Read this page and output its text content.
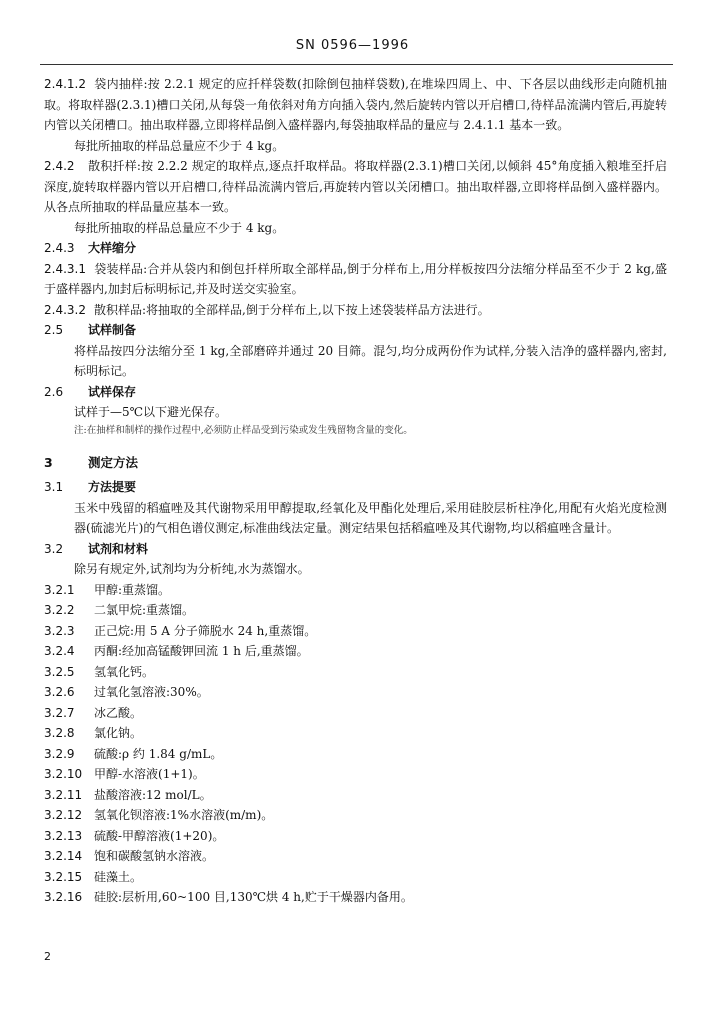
SN 0596—1996

2.4.1.2 袋内抽样:按 2.2.1 规定的应扦样袋数(扣除倒包抽样袋数),在堆垛四周上、中、下各层以曲线形走向随机抽取。将取样器(2.3.1)槽口关闭,从每袋一角依斜对角方向插入袋内,然后旋转内管以开启槽口,待样品流满内管后,再旋转内管以关闭槽口。抽出取样器,立即将样品倒入盛样器内,每袋抽取样品的量应与 2.4.1.1 基本一致。

每批所抽取的样品总量应不少于 4 kg。

2.4.2 散积扦样:按 2.2.2 规定的取样点,逐点扦取样品。将取样器(2.3.1)槽口关闭,以倾斜 45°角度插入粮堆至扦启深度,旋转取样器内管以开启槽口,待样品流满内管后,再旋转内管以关闭槽口。抽出取样器,立即将样品倒入盛样器内。从各点所抽取的样品量应基本一致。

每批所抽取的样品总量应不少于 4 kg。

2.4.3 大样缩分

2.4.3.1 袋装样品:合并从袋内和倒包扦样所取全部样品,倒于分样布上,用分样板按四分法缩分样品至不少于 2 kg,盛于盛样器内,加封后标明标记,并及时送交实验室。

2.4.3.2 散积样品:将抽取的全部样品,倒于分样布上,以下按上述袋装样品方法进行。

2.5 试样制备

将样品按四分法缩分至 1 kg,全部磨碎并通过 20 目筛。混匀,均分成两份作为试样,分装入洁净的盛样器内,密封,标明标记。

2.6 试样保存

试样于—5℃以下避光保存。

注:在抽样和制样的操作过程中,必须防止样品受到污染或发生残留物含量的变化。

3	测定方法

3.1 方法提要

玉米中残留的稻瘟唑及其代谢物采用甲醇提取,经氧化及甲酯化处理后,采用硅胶层析柱净化,用配有火焰光度检测器(硫滤光片)的气相色谱仪测定,标准曲线法定量。测定结果包括稻瘟唑及其代谢物,均以稻瘟唑含量计。

3.2 试剂和材料

除另有规定外,试剂均为分析纯,水为蒸馏水。

3.2.1 甲醇:重蒸馏。

3.2.2 二氯甲烷:重蒸馏。

3.2.3 正己烷:用 5 A 分子筛脱水 24 h,重蒸馏。

3.2.4 丙酮:经加高锰酸钾回流 1 h 后,重蒸馏。

3.2.5 氢氧化钙。

3.2.6 过氧化氢溶液:30%。

3.2.7 冰乙酸。

3.2.8 氯化钠。

3.2.9 硫酸:ρ 约 1.84 g/mL。

3.2.10 甲醇-水溶液(1+1)。

3.2.11 盐酸溶液:12 mol/L。

3.2.12 氢氧化钡溶液:1%水溶液(m/m)。

3.2.13 硫酸-甲醇溶液(1+20)。

3.2.14 饱和碳酸氢钠水溶液。

3.2.15 硅藻土。

3.2.16 硅胶:层析用,60~100 目,130℃烘 4 h,贮于干燥器内备用。

2
